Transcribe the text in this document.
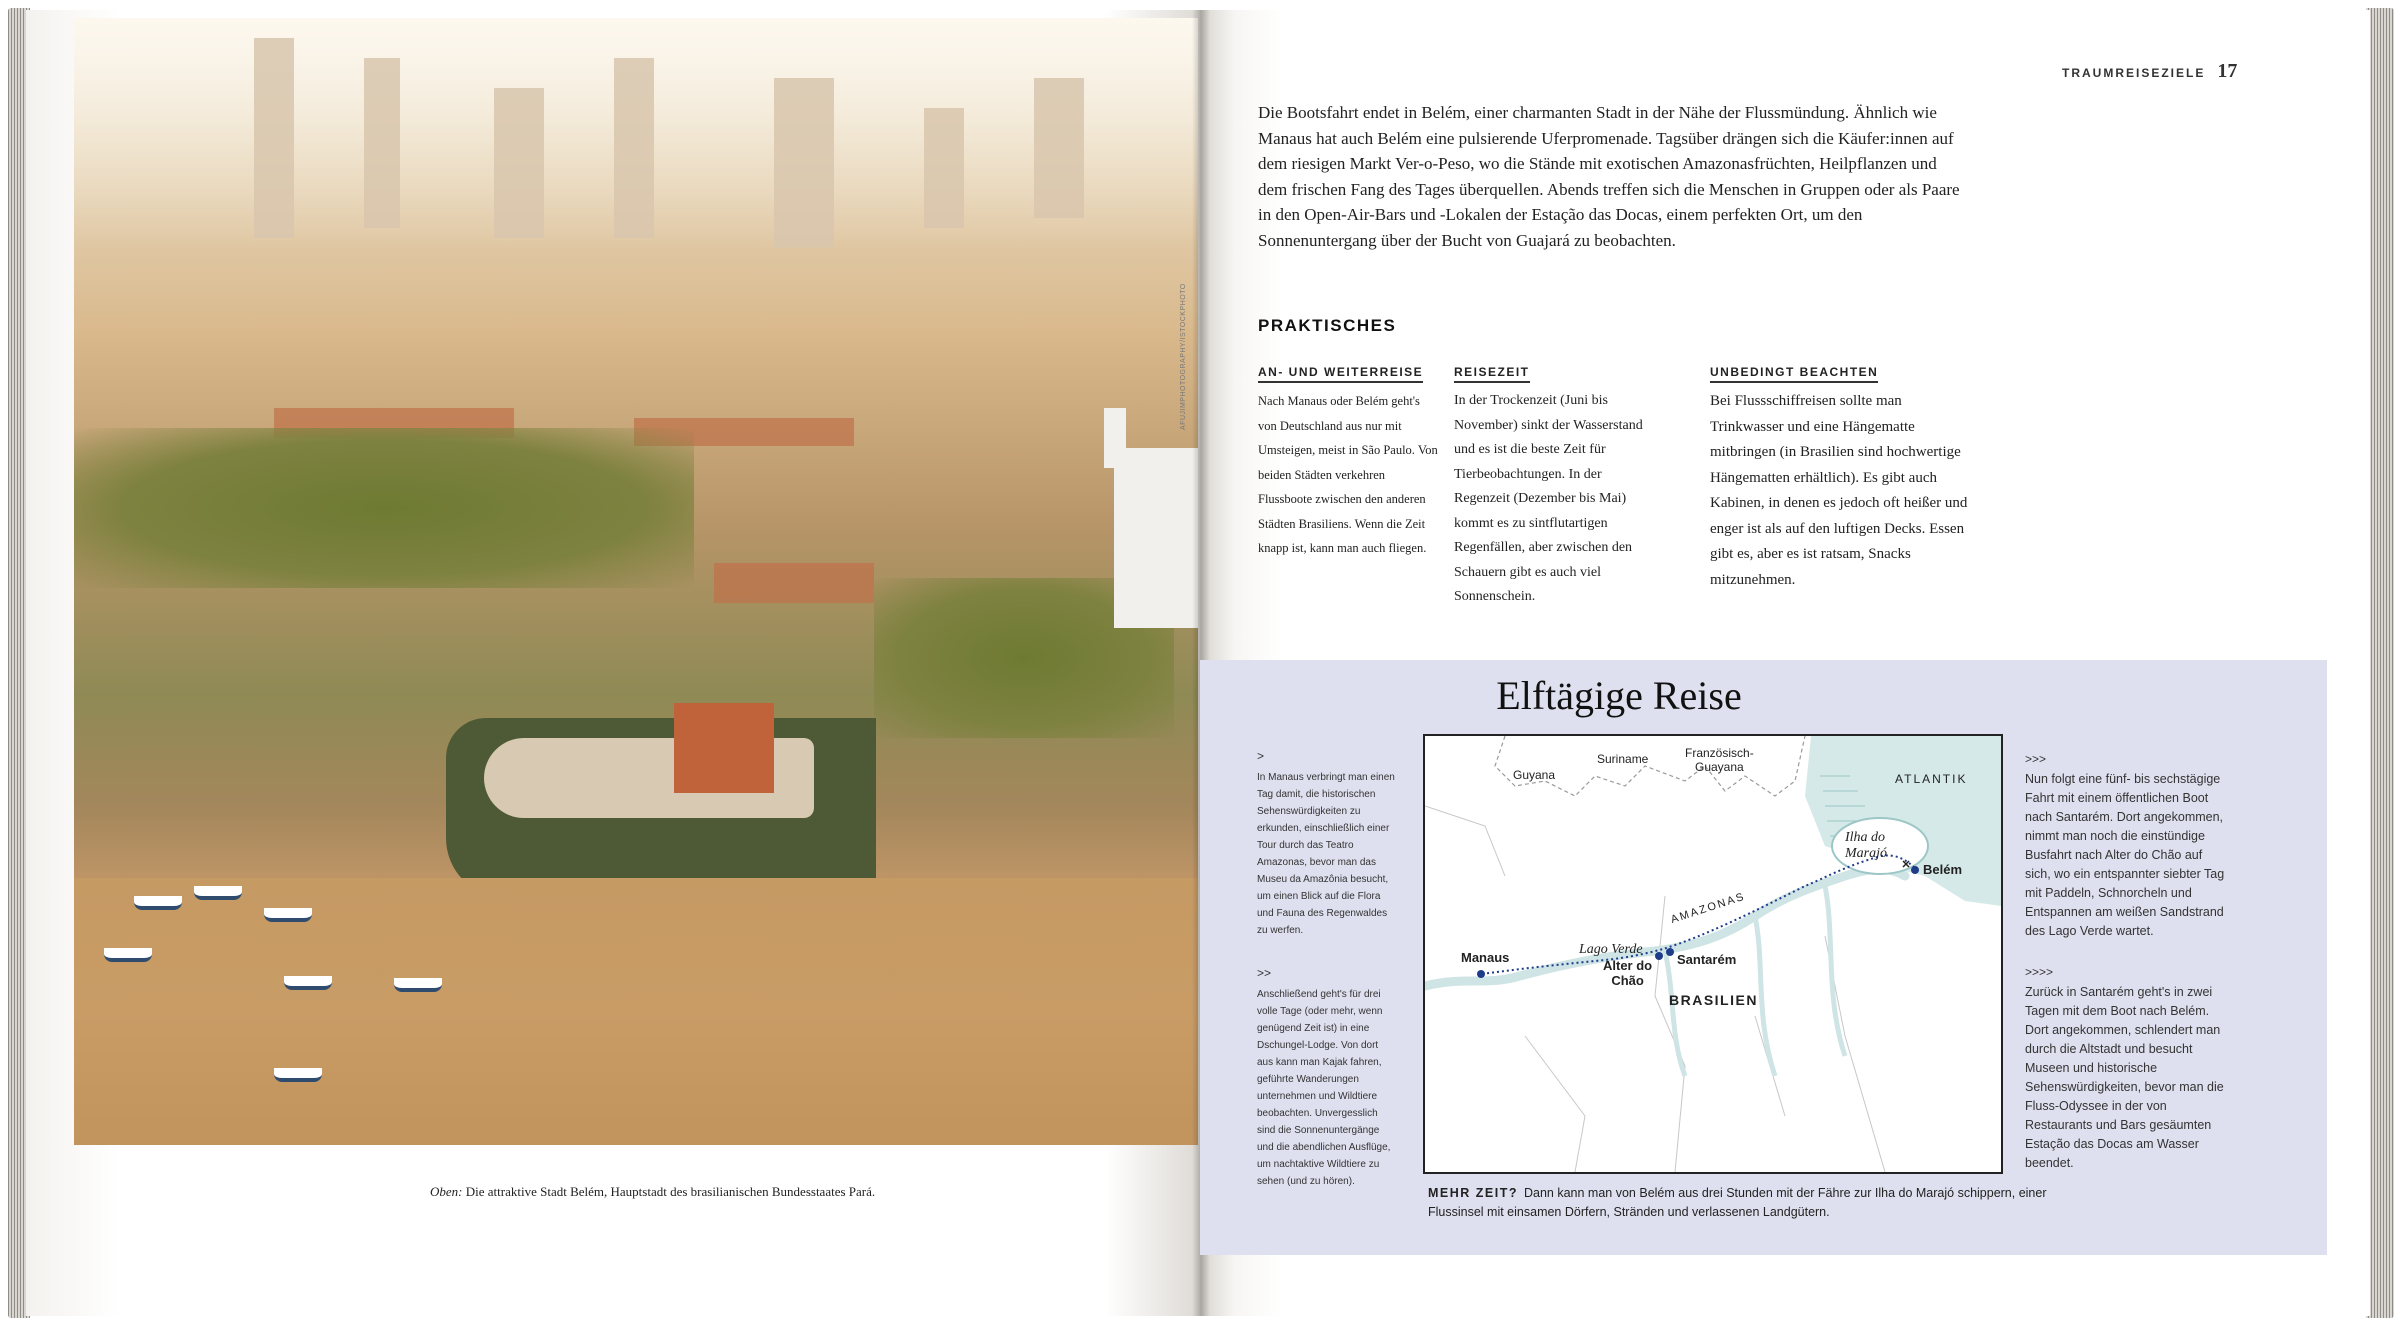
AFUJIMPHOTOGRAPHY/ISTOCKPHOTO
Oben: Die attraktive Stadt Belém, Hauptstadt des brasilianischen Bundesstaates Pará.
TRAUMREISEZIELE 17

Die Bootsfahrt endet in Belém, einer charmanten Stadt in der Nähe der Flussmündung. Ähnlich wie Manaus hat auch Belém eine pulsierende Uferpromenade. Tagsüber drängen sich die Käufer:innen auf dem riesigen Markt Ver-o-Peso, wo die Stände mit exotischen Amazonasfrüchten, Heilpflanzen und dem frischen Fang des Tages überquellen. Abends treffen sich die Menschen in Gruppen oder als Paare in den Open-Air-Bars und -Lokalen der Estação das Docas, einem perfekten Ort, um den Sonnenuntergang über der Bucht von Guajará zu beobachten.

PRAKTISCHES
AN- UND WEITERREISE

Nach Manaus oder Belém geht's von Deutschland aus nur mit Umsteigen, meist in São Paulo. Von beiden Städten verkehren Flussboote zwischen den anderen Städten Brasiliens. Wenn die Zeit knapp ist, kann man auch fliegen.

REISEZEIT

In der Trockenzeit (Juni bis November) sinkt der Wasserstand und es ist die beste Zeit für Tierbeobachtungen. In der Regenzeit (Dezember bis Mai) kommt es zu sintflutartigen Regenfällen, aber zwischen den Schauern gibt es auch viel Sonnenschein.

UNBEDINGT BEACHTEN

Bei Flussschiffreisen sollte man Trinkwasser und eine Hängematte mitbringen (in Brasilien sind hochwertige Hängematten erhältlich). Es gibt auch Kabinen, in denen es jedoch oft heißer und enger ist als auf den luftigen Decks. Essen gibt es, aber es ist ratsam, Snacks mitzunehmen.

Elftägige Reise
>

In Manaus verbringt man einen Tag damit, die historischen Sehenswürdigkeiten zu erkunden, einschließlich einer Tour durch das Teatro Amazonas, bevor man das Museu da Amazônia besucht, um einen Blick auf die Flora und Fauna des Regenwaldes zu werfen.

>>

Anschließend geht's für drei volle Tage (oder mehr, wenn genügend Zeit ist) in eine Dschungel-Lodge. Von dort aus kann man Kajak fahren, geführte Wanderungen unternehmen und Wildtiere beobachten. Unvergesslich sind die Sonnenuntergänge und die abendlichen Ausflüge, um nachtaktive Wildtiere zu sehen (und zu hören).

>>>

Nun folgt eine fünf- bis sechstägige Fahrt mit einem öffentlichen Boot nach Santarém. Dort angekommen, nimmt man noch die einstündige Busfahrt nach Alter do Chão auf sich, wo ein entspannter siebter Tag mit Paddeln, Schnorcheln und Entspannen am weißen Sandstrand des Lago Verde wartet.

>>>>

Zurück in Santarém geht's in zwei Tagen mit dem Boot nach Belém. Dort angekommen, schlendert man durch die Altstadt und besucht Museen und historische Sehenswürdigkeiten, bevor man die Fluss-Odyssee in der von Restaurants und Bars gesäumten Estação das Docas am Wasser beendet.

Guyana
Suriname	Französisch-
Guayana
ATLANTIK
Ilha do
Marajó
Belém
AMAZONAS
Lago Verde
Santarém
Alter do
Chão
Manaus
BRASILIEN
MEHR ZEIT? Dann kann man von Belém aus drei Stunden mit der Fähre zur Ilha do Marajó schippern, einer Flussinsel mit einsamen Dörfern, Stränden und verlassenen Landgütern.
